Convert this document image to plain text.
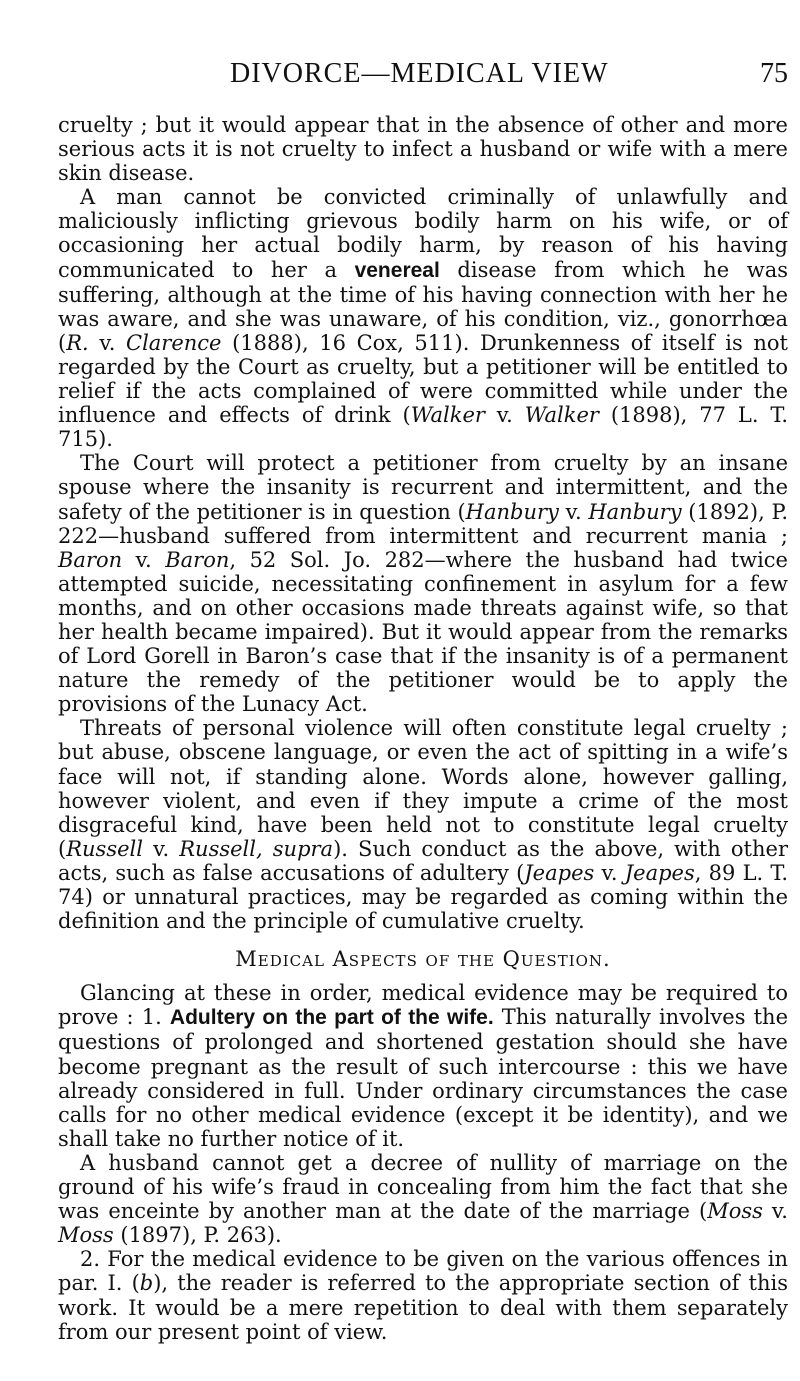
DIVORCE—MEDICAL VIEW	75

cruelty ; but it would appear that in the absence of other and more serious acts it is not cruelty to infect a husband or wife with a mere skin disease.

A man cannot be convicted criminally of unlawfully and maliciously inflicting grievous bodily harm on his wife, or of occasioning her actual bodily harm, by reason of his having communicated to her a venereal disease from which he was suffering, although at the time of his having connection with her he was aware, and she was unaware, of his condition, viz., gonorrhœa (R. v. Clarence (1888), 16 Cox, 511). Drunkenness of itself is not regarded by the Court as cruelty, but a petitioner will be entitled to relief if the acts complained of were committed while under the influence and effects of drink (Walker v. Walker (1898), 77 L. T. 715).

The Court will protect a petitioner from cruelty by an insane spouse where the insanity is recurrent and intermittent, and the safety of the petitioner is in question (Hanbury v. Hanbury (1892), P. 222—husband suffered from intermittent and recurrent mania ; Baron v. Baron, 52 Sol. Jo. 282—where the husband had twice attempted suicide, necessitating confinement in asylum for a few months, and on other occasions made threats against wife, so that her health became impaired). But it would appear from the remarks of Lord Gorell in Baron’s case that if the insanity is of a permanent nature the remedy of the petitioner would be to apply the provisions of the Lunacy Act.

Threats of personal violence will often constitute legal cruelty ; but abuse, obscene language, or even the act of spitting in a wife’s face will not, if standing alone. Words alone, however galling, however violent, and even if they impute a crime of the most disgraceful kind, have been held not to constitute legal cruelty (Russell v. Russell, supra). Such conduct as the above, with other acts, such as false accusations of adultery (Jeapes v. Jeapes, 89 L. T. 74) or unnatural practices, may be regarded as coming within the definition and the principle of cumulative cruelty.

Medical Aspects of the Question.

Glancing at these in order, medical evidence may be required to prove : 1. Adultery on the part of the wife. This naturally involves the questions of prolonged and shortened gestation should she have become pregnant as the result of such intercourse : this we have already considered in full. Under ordinary circumstances the case calls for no other medical evidence (except it be identity), and we shall take no further notice of it.

A husband cannot get a decree of nullity of marriage on the ground of his wife’s fraud in concealing from him the fact that she was enceinte by another man at the date of the marriage (Moss v. Moss (1897), P. 263).

2. For the medical evidence to be given on the various offences in par. I. (b), the reader is referred to the appropriate section of this work. It would be a mere repetition to deal with them separately from our present point of view.
